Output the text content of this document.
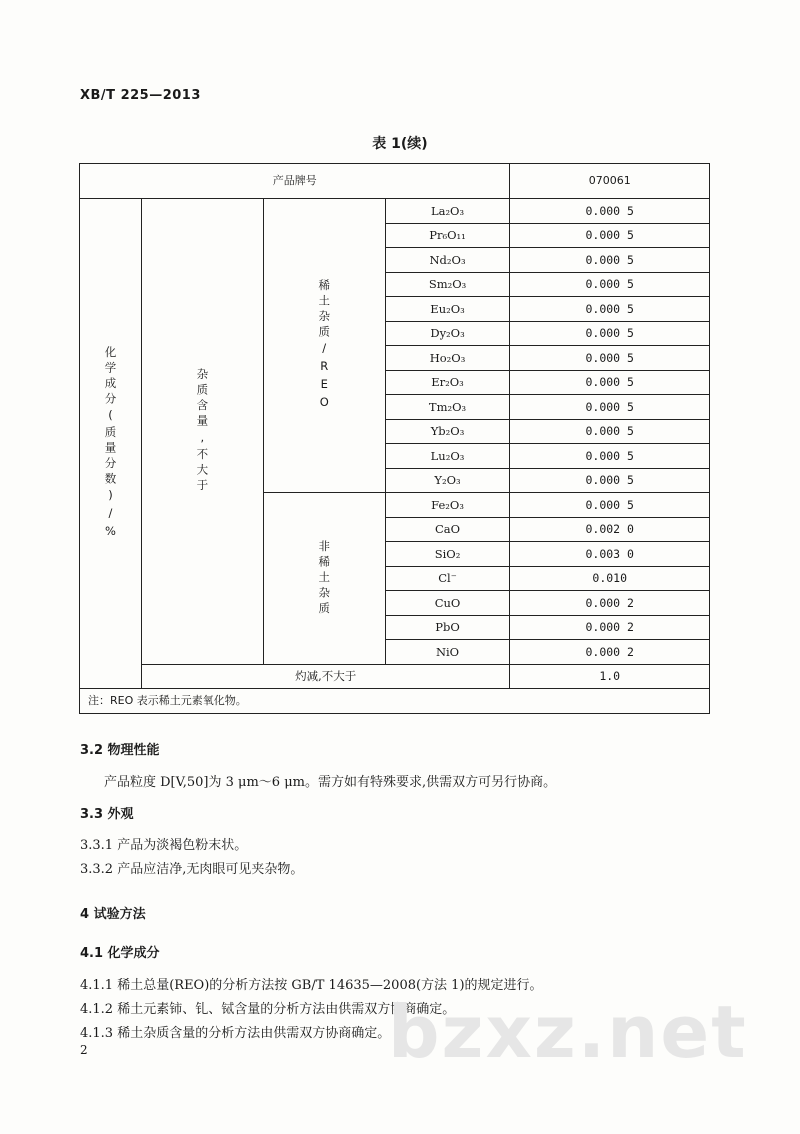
XB/T 225—2013
表 1(续)
产品牌号				070061

化学成分(质量分数)/%	杂质含量,不大于	稀土杂质/REO	La₂O₃	0.000 5
			Pr₆O₁₁	0.000 5
			Nd₂O₃	0.000 5
			Sm₂O₃	0.000 5
			Eu₂O₃	0.000 5
			Dy₂O₃	0.000 5
			Ho₂O₃	0.000 5
			Er₂O₃	0.000 5
			Tm₂O₃	0.000 5
			Yb₂O₃	0.000 5
			Lu₂O₃	0.000 5
			Y₂O₃	0.000 5

		非稀土杂质	Fe₂O₃	0.000 5
			CaO	0.002 0
			SiO₂	0.003 0
			Cl⁻	0.010
			CuO	0.000 2
			PbO	0.000 2
			NiO	0.000 2
	灼减,不大于			1.0
注：REO 表示稀土元素氧化物。				
3.2 物理性能
产品粒度 D[V,50]为 3 μm～6 μm。需方如有特殊要求,供需双方可另行协商。
3.3 外观
3.3.1 产品为淡褐色粉末状。
3.3.2 产品应洁净,无肉眼可见夹杂物。
4 试验方法
4.1 化学成分
4.1.1 稀土总量(REO)的分析方法按 GB/T 14635—2008(方法 1)的规定进行。
4.1.2 稀土元素铈、钆、铽含量的分析方法由供需双方协商确定。
4.1.3 稀土杂质含量的分析方法由供需双方协商确定。
bzxz.net
2
